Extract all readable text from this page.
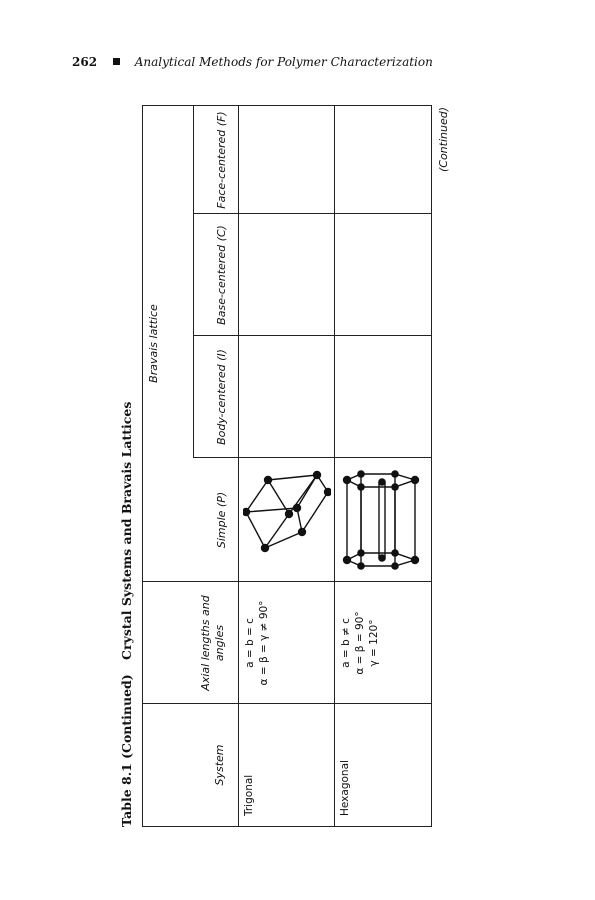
262	Analytical Methods for Polymer Characterization
Table 8.1 (Continued) Crystal Systems and Bravais Lattices
System
Axial lengths and angles
Bravais lattice
Simple (P)
Body-centered (I)
Base-centered (C)
Face-centered (F)
Trigonal
a = b = c α = β = γ ≠ 90°
Hexagonal
a = b ≠ c α = β = 90° γ = 120°
(Continued)
